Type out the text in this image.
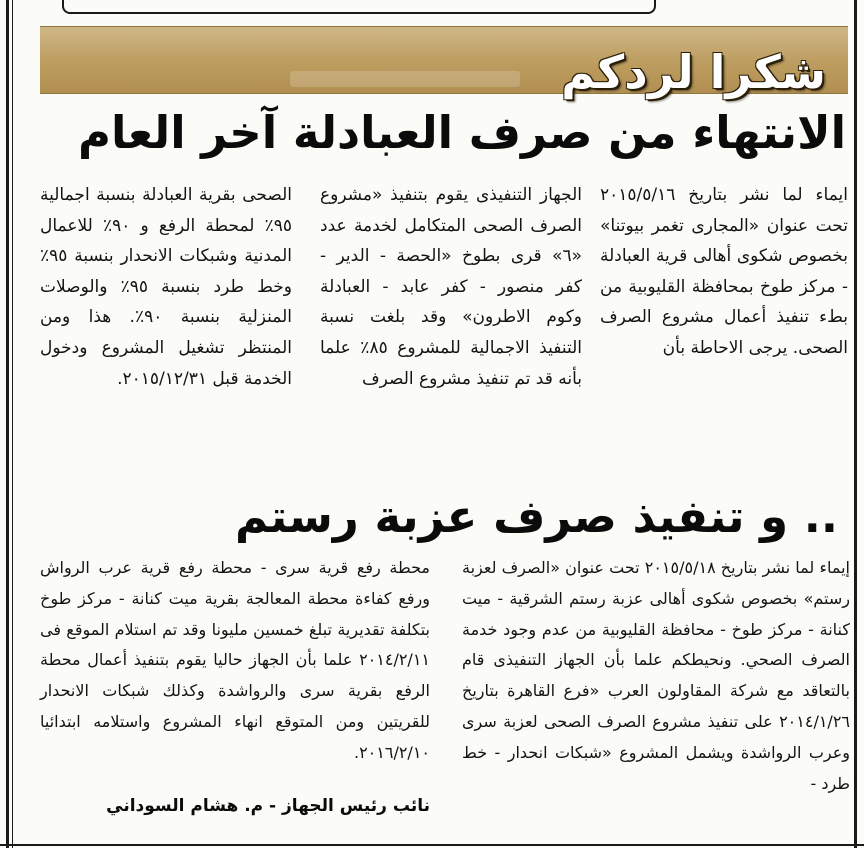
شكرا لردكم
الانتهاء من صرف العبادلة آخر العام

ايماء لما نشر بتاريخ ٢٠١٥/٥/١٦ تحت عنوان «المجارى تغمر بيوتنا» بخصوص شكوى أهالى قرية العبادلة - مركز طوخ بمحافظة القليوبية من بطء تنفيذ أعمال مشروع الصرف الصحى. يرجى الاحاطة بأن

الجهاز التنفيذى يقوم بتنفيذ «مشروع الصرف الصحى المتكامل لخدمة عدد «٦» قرى بطوخ «الحصة - الدير - كفر منصور - كفر عابد - العبادلة وكوم الاطرون» وقد بلغت نسبة التنفيذ الاجمالية للمشروع ٨٥٪ علما بأنه قد تم تنفيذ مشروع الصرف

الصحى بقرية العبادلة بنسبة اجمالية ٩٥٪ لمحطة الرفع و ٩٠٪ للاعمال المدنية وشبكات الانحدار بنسبة ٩٥٪ وخط طرد بنسبة ٩٥٪ والوصلات المنزلية بنسبة ٩٠٪. هذا ومن المنتظر تشغيل المشروع ودخول الخدمة قبل ٢٠١٥/١٢/٣١.

.. و تنفيذ صرف عزبة رستم

إيماء لما نشر بتاريخ ٢٠١٥/٥/١٨ تحت عنوان «الصرف لعزبة رستم» بخصوص شكوى أهالى عزبة رستم الشرقية - ميت كنانة - مركز طوخ - محافظة القليوبية من عدم وجود خدمة الصرف الصحي. ونحيطكم علما بأن الجهاز التنفيذى قام بالتعاقد مع شركة المقاولون العرب «فرع القاهرة بتاريخ ٢٠١٤/١/٢٦ على تنفيذ مشروع الصرف الصحى لعزبة سرى وعرب الرواشدة ويشمل المشروع «شبكات انحدار - خط طرد -

محطة رفع قرية سرى - محطة رفع قرية عرب الرواش ورفع كفاءة محطة المعالجة بقرية ميت كنانة - مركز طوخ بتكلفة تقديرية تبلغ خمسين مليونا وقد تم استلام الموقع فى ٢٠١٤/٢/١١ علما بأن الجهاز حاليا يقوم بتنفيذ أعمال محطة الرفع بقرية سرى والرواشدة وكذلك شبكات الانحدار للقريتين ومن المتوقع انهاء المشروع واستلامه ابتدائيا ٢٠١٦/٢/١٠.

نائب رئيس الجهاز - م. هشام السوداني
